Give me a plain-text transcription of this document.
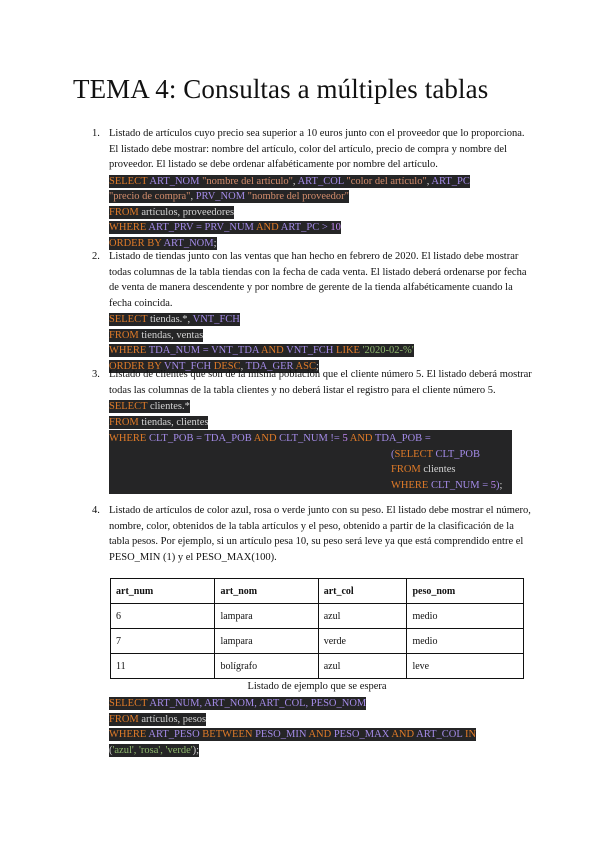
TEMA 4: Consultas a múltiples tablas
1. Listado de artículos cuyo precio sea superior a 10 euros junto con el proveedor que lo proporciona. El listado debe mostrar: nombre del artículo, color del artículo, precio de compra y nombre del proveedor. El listado se debe ordenar alfabéticamente por nombre del artículo.
SELECT ART_NOM "nombre del artículo", ART_COL "color del artículo", ART_PC
"precio de compra", PRV_NOM "nombre del proveedor"
FROM artículos, proveedores
WHERE ART_PRV = PRV_NUM AND ART_PC > 10
ORDER BY ART_NOM;
2. Listado de tiendas junto con las ventas que han hecho en febrero de 2020. El listado debe mostrar todas columnas de la tabla tiendas con la fecha de cada venta. El listado deberá ordenarse por fecha de venta de manera descendente y por nombre de gerente de la tienda alfabéticamente cuando la fecha coincida.
SELECT tiendas.*, VNT_FCH
FROM tiendas, ventas
WHERE TDA_NUM = VNT_TDA AND VNT_FCH LIKE '2020-02-%'
ORDER BY VNT_FCH DESC, TDA_GER ASC;
3. Listado de clientes que son de la misma población que el cliente número 5. El listado deberá mostrar todas las columnas de la tabla clientes y no deberá listar el registro para el cliente número 5.
SELECT clientes.*
FROM tiendas, clientes
WHERE CLT_POB = TDA_POB AND CLT_NUM != 5 AND TDA_POB =
(SELECT CLT_POB
FROM clientes
WHERE CLT_NUM = 5);
4. Listado de artículos de color azul, rosa o verde junto con su peso. El listado debe mostrar el número, nombre, color, obtenidos de la tabla artículos y el peso, obtenido a partir de la clasificación de la tabla pesos. Por ejemplo, si un artículo pesa 10, su peso será leve ya que está comprendido entre el PESO_MIN (1) y el PESO_MAX(100).
art_num	art_nom	art_col	peso_nom
6	lampara	azul	medio
7	lampara	verde	medio
11	bolígrafo	azul	leve
Listado de ejemplo que se espera
SELECT ART_NUM, ART_NOM, ART_COL, PESO_NOM
FROM artículos, pesos
WHERE ART_PESO BETWEEN PESO_MIN AND PESO_MAX AND ART_COL IN
('azul', 'rosa', 'verde');
